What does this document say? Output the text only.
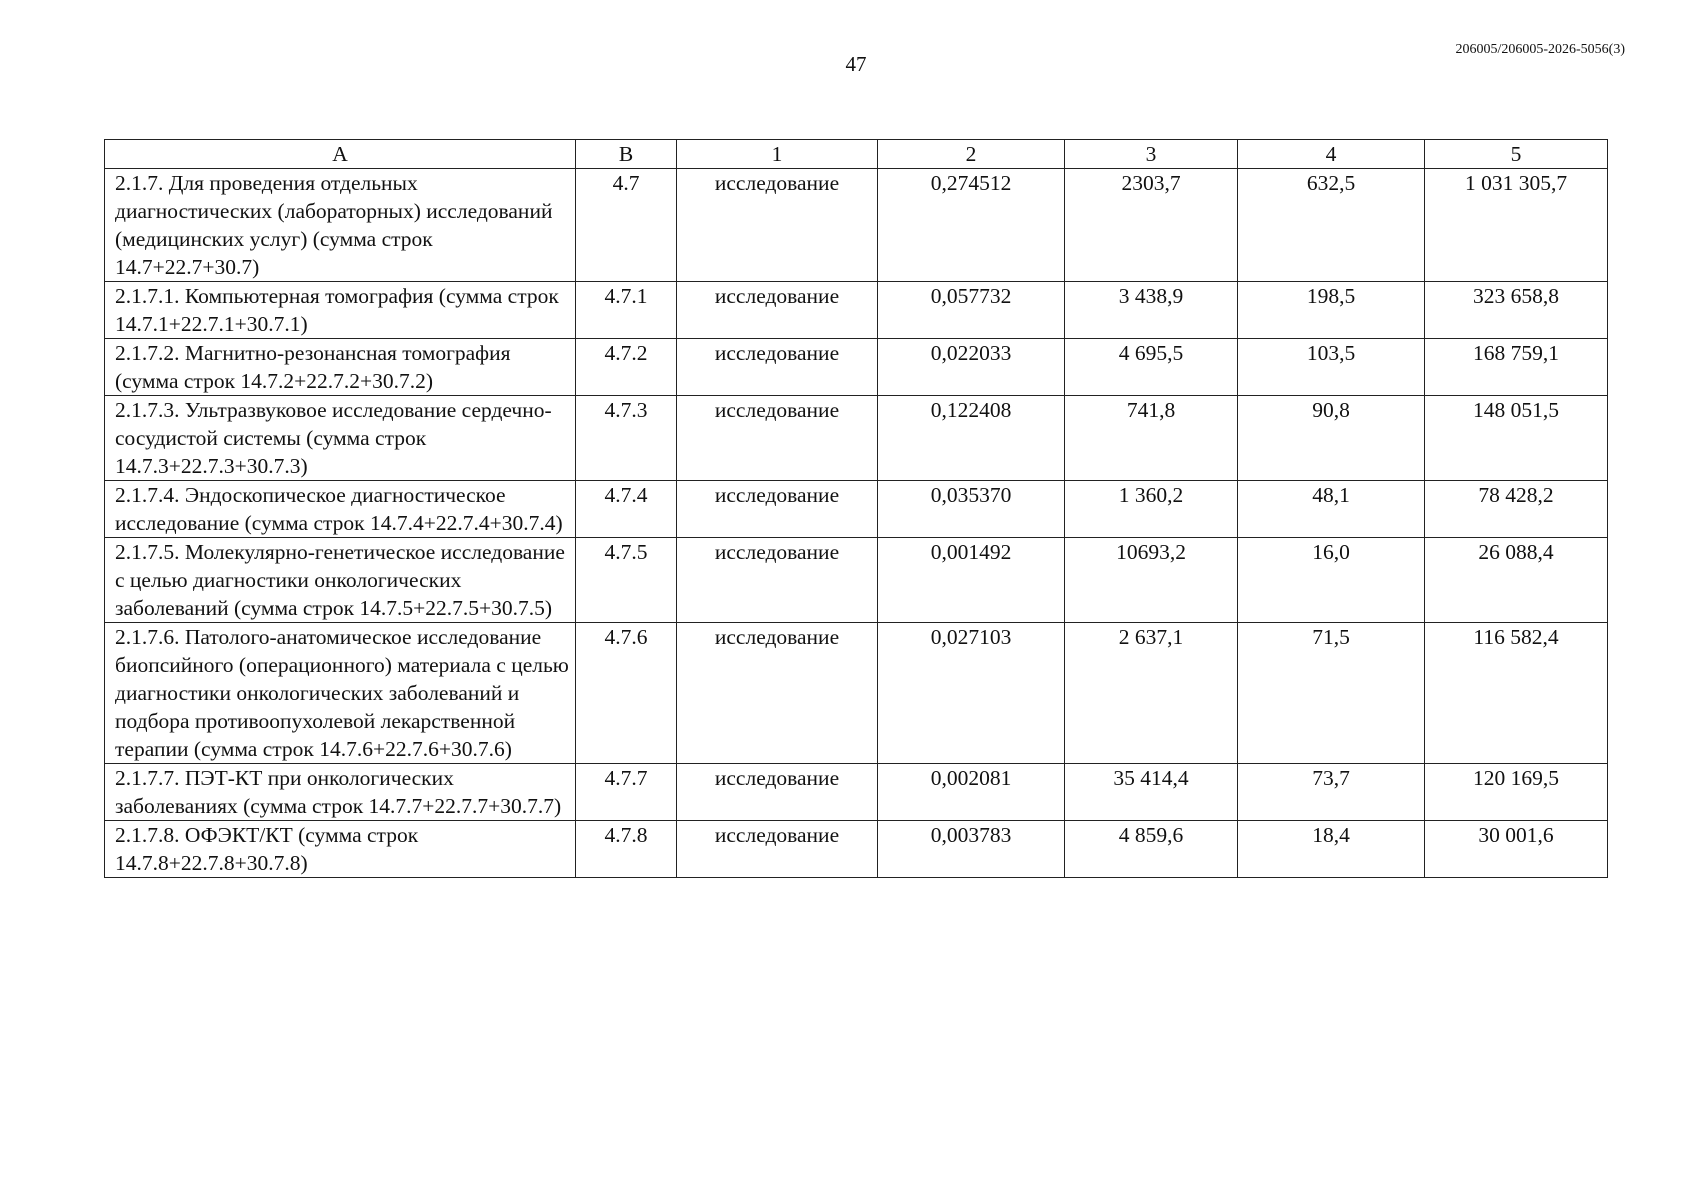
47
206005/206005-2026-5056(3)
А	В	1	2	3	4	5
2.1.7. Для проведения отдельных диагностических (лабораторных) исследований (медицинских услуг) (сумма строк 14.7+22.7+30.7)	4.7	исследование	0,274512	2303,7	632,5	1 031 305,7
2.1.7.1. Компьютерная томография (сумма строк 14.7.1+22.7.1+30.7.1)	4.7.1	исследование	0,057732	3 438,9	198,5	323 658,8
2.1.7.2. Магнитно-резонансная томография (сумма строк 14.7.2+22.7.2+30.7.2)	4.7.2	исследование	0,022033	4 695,5	103,5	168 759,1
2.1.7.3. Ультразвуковое исследование сердечно-сосудистой системы (сумма строк 14.7.3+22.7.3+30.7.3)	4.7.3	исследование	0,122408	741,8	90,8	148 051,5
2.1.7.4. Эндоскопическое диагностическое исследование (сумма строк 14.7.4+22.7.4+30.7.4)	4.7.4	исследование	0,035370	1 360,2	48,1	78 428,2
2.1.7.5. Молекулярно-генетическое исследование с целью диагностики онкологических заболеваний (сумма строк 14.7.5+22.7.5+30.7.5)	4.7.5	исследование	0,001492	10693,2	16,0	26 088,4
2.1.7.6. Патолого-анатомическое исследование биопсийного (операционного) материала с целью диагностики онкологических заболеваний и подбора противоопухолевой лекарственной терапии (сумма строк 14.7.6+22.7.6+30.7.6)	4.7.6	исследование	0,027103	2 637,1	71,5	116 582,4
2.1.7.7. ПЭТ-КТ при онкологических заболеваниях (сумма строк 14.7.7+22.7.7+30.7.7)	4.7.7	исследование	0,002081	35 414,4	73,7	120 169,5
2.1.7.8. ОФЭКТ/КТ (сумма строк 14.7.8+22.7.8+30.7.8)	4.7.8	исследование	0,003783	4 859,6	18,4	30 001,6
